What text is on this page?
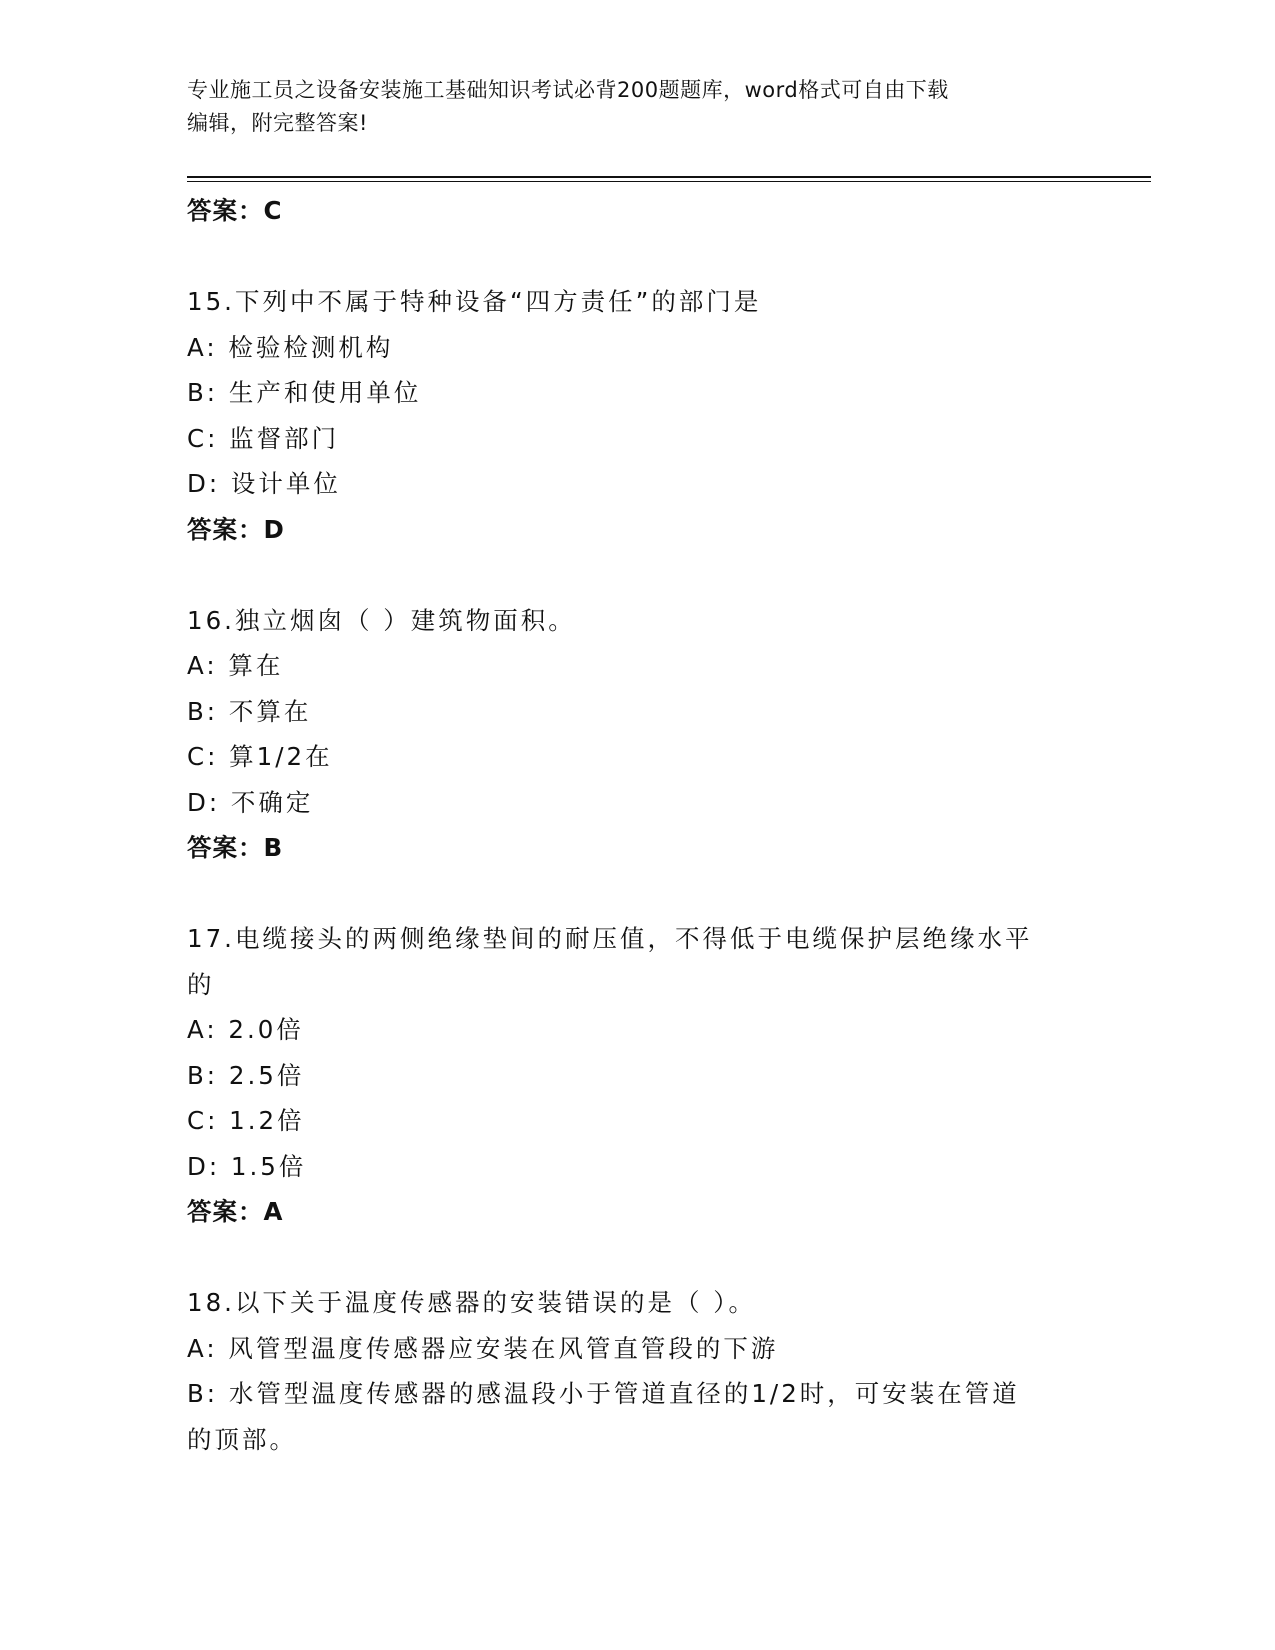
专业施工员之设备安装施工基础知识考试必背200题题库，word格式可自由下载
编辑，附完整答案!
答案：C
15.下列中不属于特种设备“四方责任”的部门是
A: 检验检测机构
B: 生产和使用单位
C: 监督部门
D: 设计单位
答案：D
16.独立烟囱（ ）建筑物面积。
A: 算在
B: 不算在
C: 算1/2在
D: 不确定
答案：B
17.电缆接头的两侧绝缘垫间的耐压值，不得低于电缆保护层绝缘水平
的
A: 2.0倍
B: 2.5倍
C: 1.2倍
D: 1.5倍
答案：A
18.以下关于温度传感器的安装错误的是（ ）。
A: 风管型温度传感器应安装在风管直管段的下游
B: 水管型温度传感器的感温段小于管道直径的1/2时，可安装在管道
的顶部。
